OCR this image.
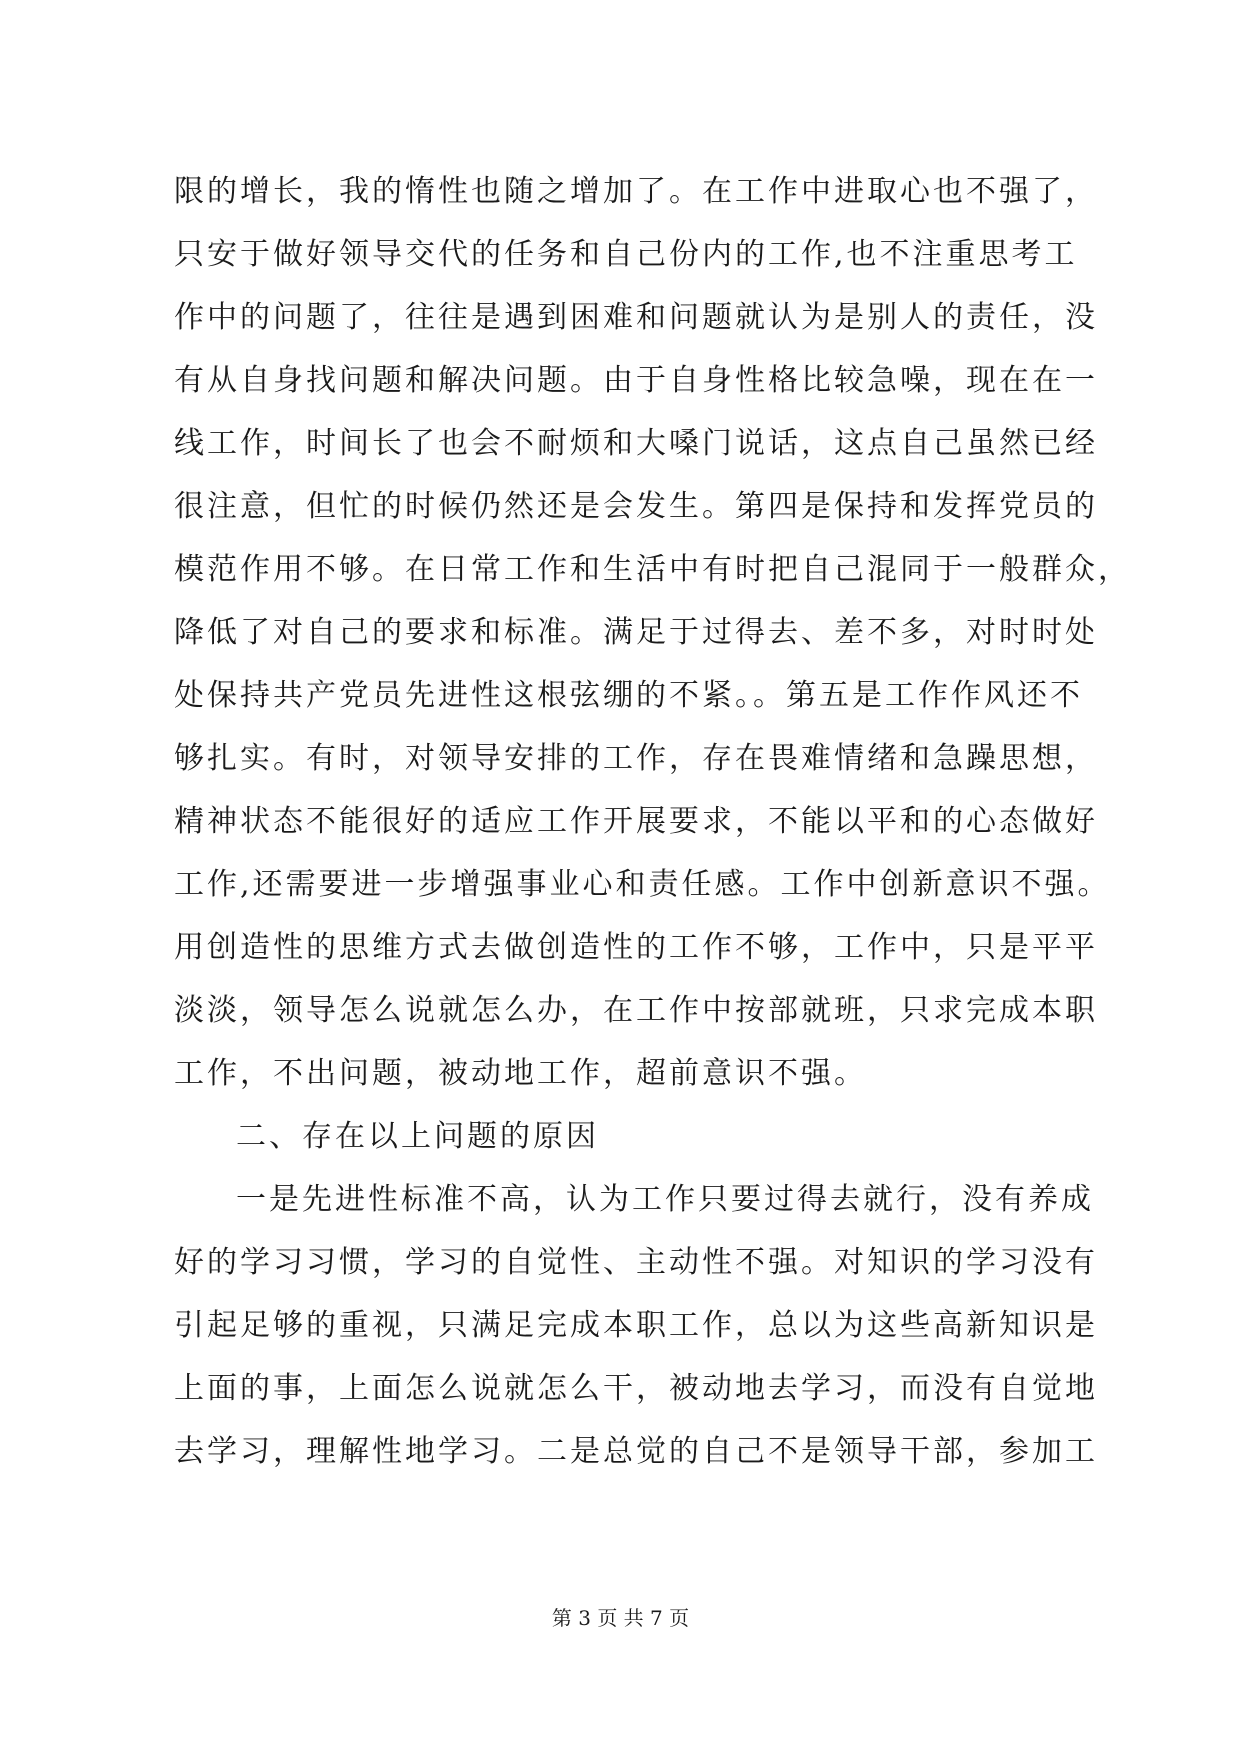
限的增长，我的惰性也随之增加了。在工作中进取心也不强了，
只安于做好领导交代的任务和自己份内的工作,也不注重思考工
作中的问题了，往往是遇到困难和问题就认为是别人的责任，没
有从自身找问题和解决问题。由于自身性格比较急噪，现在在一
线工作，时间长了也会不耐烦和大嗓门说话，这点自己虽然已经
很注意，但忙的时候仍然还是会发生。第四是保持和发挥党员的
模范作用不够。在日常工作和生活中有时把自己混同于一般群众，
降低了对自己的要求和标准。满足于过得去、差不多，对时时处
处保持共产党员先进性这根弦绷的不紧。。第五是工作作风还不
够扎实。有时，对领导安排的工作，存在畏难情绪和急躁思想，
精神状态不能很好的适应工作开展要求，不能以平和的心态做好
工作,还需要进一步增强事业心和责任感。工作中创新意识不强。
用创造性的思维方式去做创造性的工作不够，工作中，只是平平
淡淡，领导怎么说就怎么办，在工作中按部就班，只求完成本职
工作，不出问题，被动地工作，超前意识不强。
二、存在以上问题的原因
一是先进性标准不高，认为工作只要过得去就行，没有养成
好的学习习惯，学习的自觉性、主动性不强。对知识的学习没有
引起足够的重视，只满足完成本职工作，总以为这些高新知识是
上面的事，上面怎么说就怎么干，被动地去学习，而没有自觉地
去学习，理解性地学习。二是总觉的自己不是领导干部，参加工
第 3 页 共 7 页
